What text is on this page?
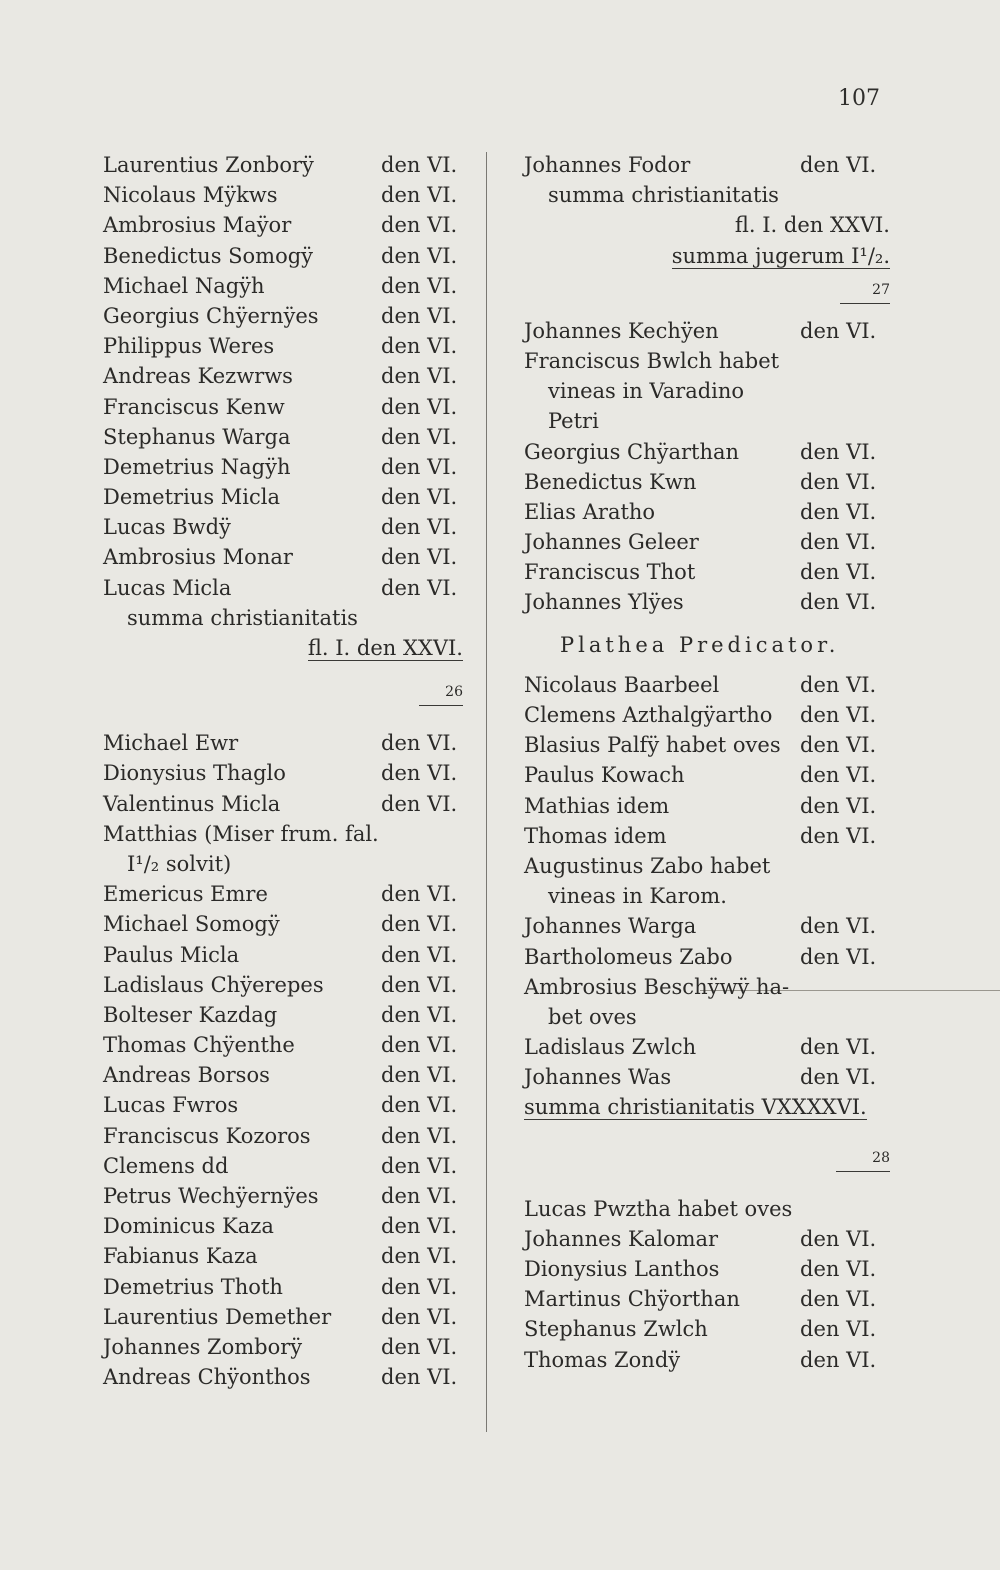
107
Laurentius Zonborÿ	den VI.
Nicolaus Mÿkws	den VI.
Ambrosius Maÿor	den VI.
Benedictus Somogÿ	den VI.
Michael Nagÿh	den VI.
Georgius Chÿernÿes	den VI.
Philippus Weres	den VI.
Andreas Kezwrws	den VI.
Franciscus Kenw	den VI.
Stephanus Warga	den VI.
Demetrius Nagÿh	den VI.
Demetrius Micla	den VI.
Lucas Bwdÿ	den VI.
Ambrosius Monar	den VI.
Lucas Micla	den VI.
summa christianitatis
fl. I. den XXVI.
26
Michael Ewr	den VI.
Dionysius Thaglo	den VI.
Valentinus Micla	den VI.
Matthias (Miser frum. fal.
I¹/₂ solvit)
Emericus Emre	den VI.
Michael Somogÿ	den VI.
Paulus Micla	den VI.
Ladislaus Chÿerepes	den VI.
Bolteser Kazdag	den VI.
Thomas Chÿenthe	den VI.
Andreas Borsos	den VI.
Lucas Fwros	den VI.
Franciscus Kozoros	den VI.
Clemens dd	den VI.
Petrus Wechÿernÿes	den VI.
Dominicus Kaza	den VI.
Fabianus Kaza	den VI.
Demetrius Thoth	den VI.
Laurentius Demether den VI.
Johannes Zomborÿ	den VI.
Andreas Chÿonthos	den VI.
Johannes Fodor	den VI.
summa christianitatis
fl. I. den XXVI.
summa jugerum I¹/₂.
27
Johannes Kechÿen	den VI.
Franciscus Bwlch habet
vineas in Varadino
Petri
Georgius Chÿarthan	den VI.
Benedictus Kwn	den VI.
Elias Aratho	den VI.
Johannes Geleer	den VI.
Franciscus Thot	den VI.
Johannes Ylÿes	den VI.
Plathea Predicator.
Nicolaus Baarbeel	den VI.
Clemens Azthalgÿartho den VI.
Blasius Palfÿ habet oves den VI.
Paulus Kowach	den VI.
Mathias idem	den VI.
Thomas idem	den VI.
Augustinus Zabo habet
vineas in Karom.
Johannes Warga	den VI.
Bartholomeus Zabo	den VI.
Ambrosius Beschÿwÿ ha-
bet oves
Ladislaus Zwlch	den VI.
Johannes Was	den VI.
summa christianitatis VXXXXVI.
28
Lucas Pwztha habet oves
Johannes Kalomar	den VI.
Dionysius Lanthos	den VI.
Martinus Chÿorthan	den VI.
Stephanus Zwlch	den VI.
Thomas Zondÿ	den VI.
